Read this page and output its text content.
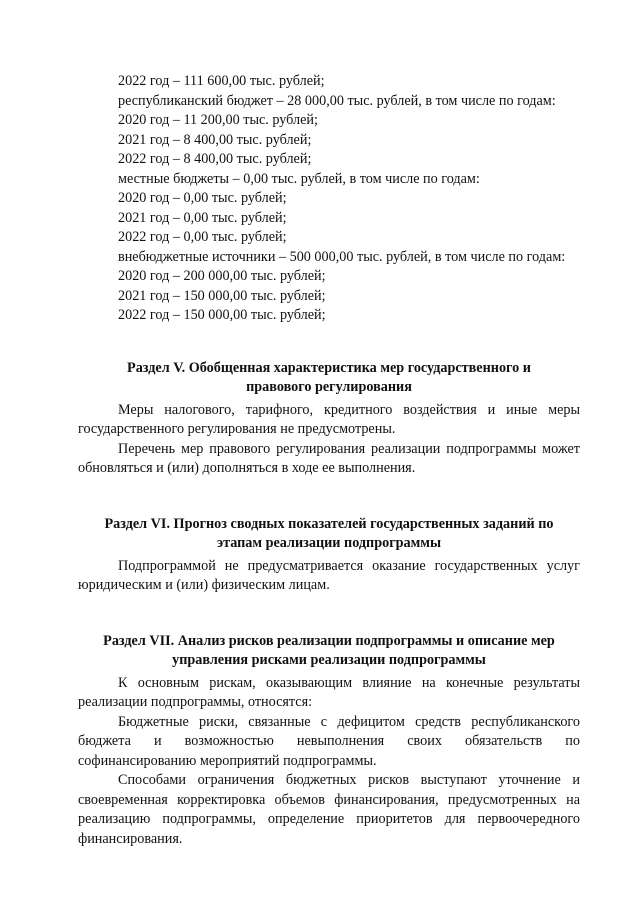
2022 год – 111 600,00 тыс. рублей;

республиканский бюджет – 28 000,00 тыс. рублей, в том числе по годам:

2020 год – 11 200,00 тыс. рублей;

2021 год – 8 400,00 тыс. рублей;

2022 год – 8 400,00 тыс. рублей;

местные бюджеты – 0,00 тыс. рублей, в том числе по годам:

2020 год – 0,00 тыс. рублей;

2021 год – 0,00 тыс. рублей;

2022 год – 0,00 тыс. рублей;

внебюджетные источники – 500 000,00 тыс. рублей, в том числе по годам:

2020 год – 200 000,00 тыс. рублей;

2021 год – 150 000,00 тыс. рублей;

2022 год – 150 000,00 тыс. рублей;

Раздел V. Обобщенная характеристика мер государственного и
правового регулирования

Меры налогового, тарифного, кредитного воздействия и иные меры государственного регулирования не предусмотрены.

Перечень мер правового регулирования реализации подпрограммы может обновляться и (или) дополняться в ходе ее выполнения.

Раздел VI. Прогноз сводных показателей государственных заданий по
этапам реализации подпрограммы

Подпрограммой не предусматривается оказание государственных услуг юридическим и (или) физическим лицам.

Раздел VII. Анализ рисков реализации подпрограммы и описание мер
управления рисками реализации подпрограммы

К основным рискам, оказывающим влияние на конечные результаты реализации подпрограммы, относятся:

Бюджетные риски, связанные с дефицитом средств республиканского бюджета и возможностью невыполнения своих обязательств по софинансированию мероприятий подпрограммы.

Способами ограничения бюджетных рисков выступают уточнение и своевременная корректировка объемов финансирования, предусмотренных на реализацию подпрограммы, определение приоритетов для первоочередного финансирования.
